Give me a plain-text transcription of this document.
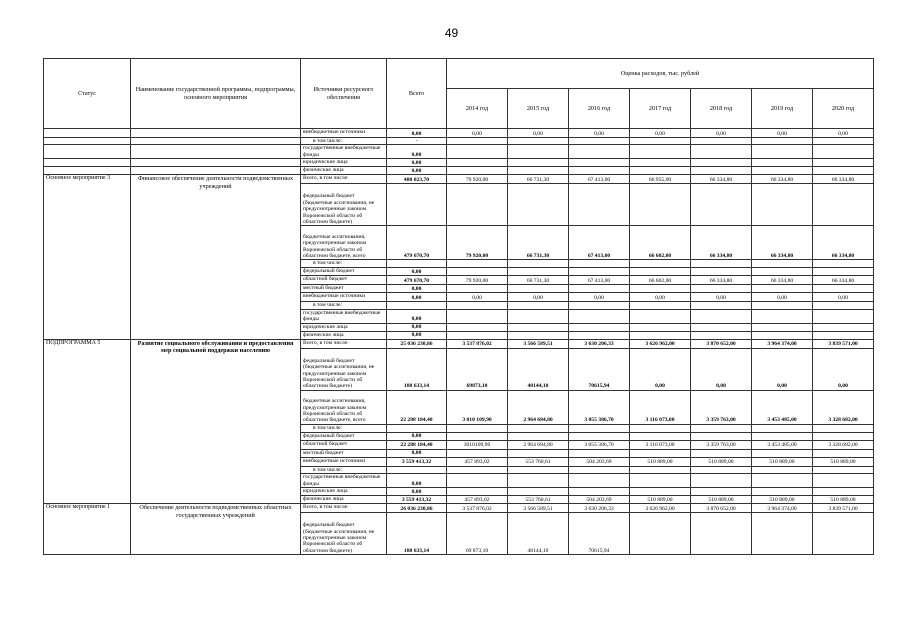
49
Статус	Наименование государственной программы, подпрограммы, основного мероприятия	Источники ресурсного обеспечения	Всего	Оценка расходов, тыс. рублей						
				2014 год	2015 год	2016 год	2017 год	2018 год	2019 год	2020 год
		внебюджетные источники	0,00	0,00	0,00	0,00	0,00	0,00	0,00	0,00
		в том числе:	-							
		государственные внебюджетные фонды	0,00							
		юридические лица	0,00							
		физические лица	0,00							
Основное мероприятие 3	Финансовое обеспечение деятельности подведомственных учреждений	Всего, в том числе:	480 023,70	79 920,00	66 731,30	67 413,00	66 955,00	66 334,80	66 334,80	66 334,80
		федеральный бюджет (бюджетные ассигнования, не предусмотренные законом Воронежской области об областном бюджете)								
		бюджетные ассигнования, предусмотренные законом Воронежской области об областном бюджете, всего	479 670,70	79 920,00	66 731,30	67 413,00	66 602,00	66 334,80	66 334,80	66 334,80
		в том числе:								
		федеральный бюджет	0,00							
		областной бюджет	479 670,70	79 920,00	66 731,30	67 413,00	66 602,00	66 334,80	66 334,80	66 334,80
		местный бюджет	0,00							
		внебюджетные источники	0,00	0,00	0,00	0,00	0,00	0,00	0,00	0,00
		в том числе:								
		государственные внебюджетные фонды	0,00							
		юридические лица	0,00							
		физические лица	0,00							
ПОДПРОГРАММА 5	Развитие социального обслуживания и предоставления мер социальной поддержки населению	Всего, в том числе:	25 036 230,86	3 537 876,02	3 566 589,51	3 630 206,33	3 626 962,00	3 870 652,00	3 964 374,00	3 839 571,00
		федеральный бюджет (бюджетные ассигнования, не предусмотренные законом Воронежской области об областном бюджете)	188 633,14	69873,10	48144,10	70615,94	0,00	0,00	0,00	0,00
		бюджетные ассигнования, предусмотренные законом Воронежской области об областном бюджете, всего	22 288 184,40	3 010 109,90	2 964 684,80	3 055 386,70	3 116 073,00	3 359 763,00	3 453 485,00	3 328 682,00
		в том числе:								
		федеральный бюджет	0,00							
		областной бюджет	22 288 184,40	3010109,90	2 964 684,80	3 055 386,70	3 116 073,00	3 359 763,00	3 453 485,00	3 328 682,00
		местный бюджет	0,00							
		внебюджетные источники	3 559 413,32	457 893,02	553 760,61	504 203,69	510 889,00	510 889,00	510 889,00	510 889,00
		в том числе:								
		государственные внебюджетные фонды	0,00							
		юридические лица	0,00							
		физические лица	3 559 413,32	457 893,02	553 760,61	504 203,69	510 889,00	510 889,00	510 889,00	510 889,00
Основное мероприятие 1	Обеспечение деятельности подведомственных областных государственных учреждений	Всего, в том числе:	26 036 230,86	3 537 876,02	3 566 589,51	3 630 206,33	3 626 962,00	3 870 652,00	3 964 374,00	3 839 571,00
		федеральный бюджет (бюджетные ассигнования, не предусмотренные законом Воронежской области об областном бюджете)	188 633,14	69 873,10	48144,10	70615,94				
